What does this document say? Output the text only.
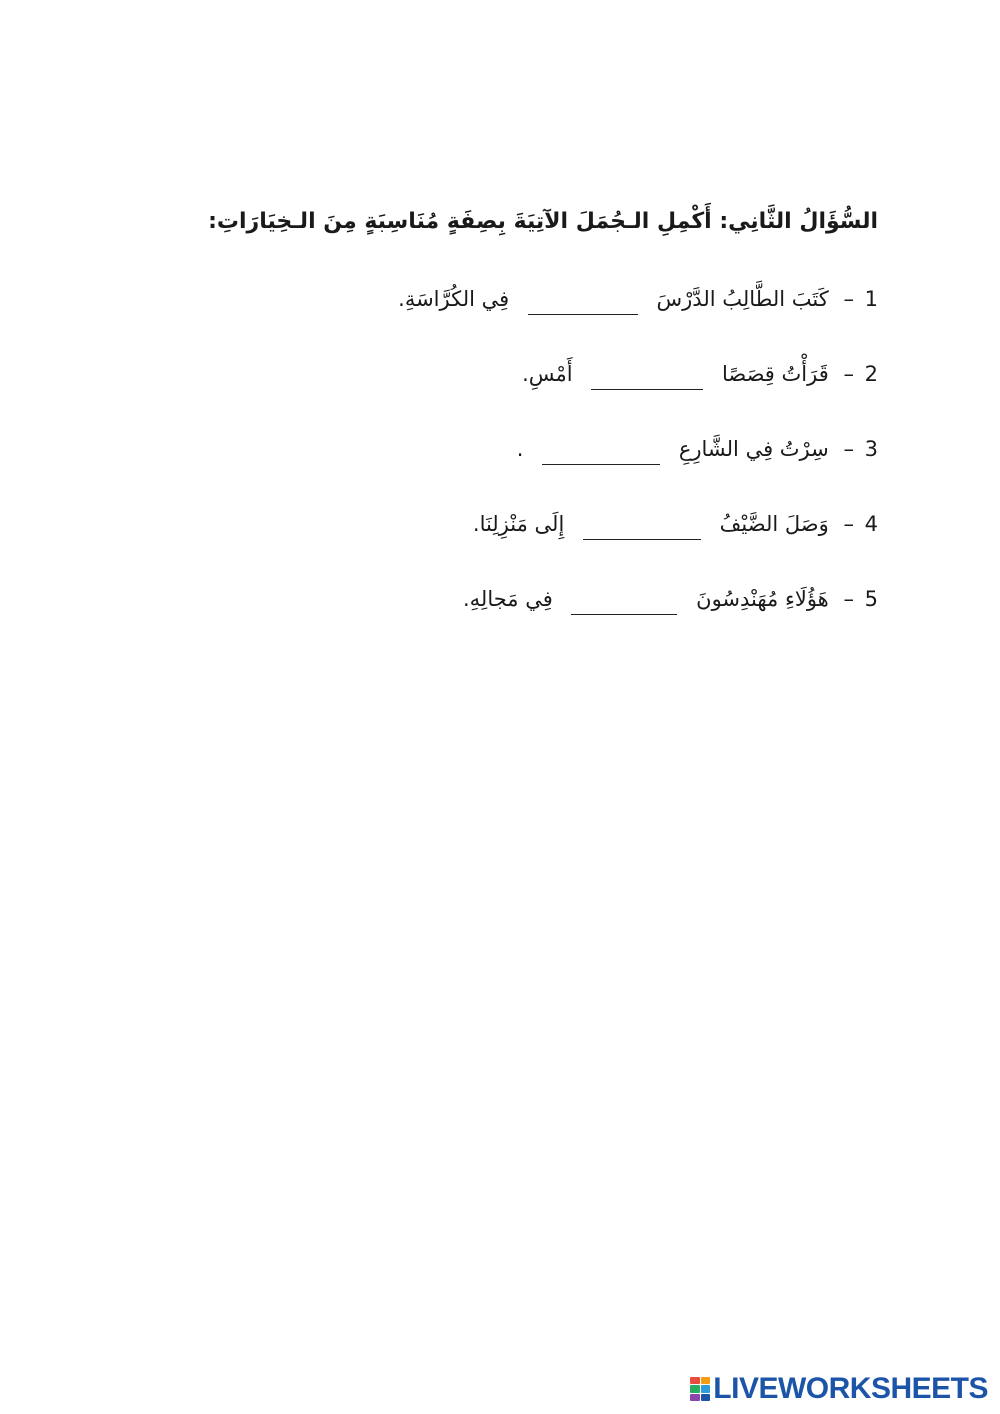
السُّؤَالُ الثَّانِي: أَكْمِلِ الـجُمَلَ الآتِيَةَ بِصِفَةٍ مُنَاسِبَةٍ مِنَ الـخِيَارَاتِ:
1 – كَتَبَ الطَّالِبُ الدَّرْسَ  فِي الكُرَّاسَةِ.
2 – قَرَأْتُ قِصَصًا  أَمْسِ.
3 – سِرْتُ فِي الشَّارِعِ  .
4 – وَصَلَ الضَّيْفُ  إِلَى مَنْزِلِنَا.
5 – هَؤُلَاءِ مُهَنْدِسُونَ  فِي مَجالِهِ.
LIVEWORKSHEETS
